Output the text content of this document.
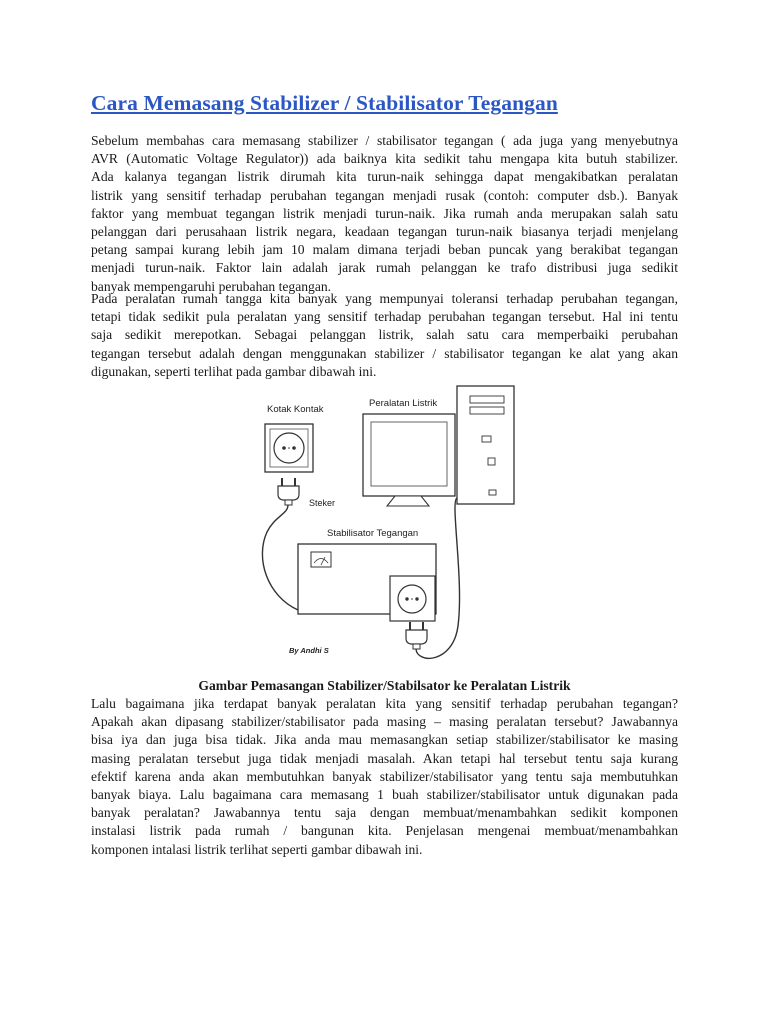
Cara Memasang Stabilizer / Stabilisator Tegangan

Sebelum membahas cara memasang stabilizer / stabilisator tegangan ( ada juga yang menyebutnya
AVR (Automatic Voltage Regulator)) ada baiknya kita sedikit tahu mengapa kita butuh stabilizer.
Ada kalanya tegangan listrik dirumah kita turun-naik sehingga dapat mengakibatkan peralatan
listrik yang sensitif terhadap perubahan tegangan menjadi rusak (contoh: computer dsb.). Banyak
faktor yang membuat tegangan listrik menjadi turun-naik. Jika rumah anda merupakan salah satu
pelanggan dari perusahaan listrik negara, keadaan tegangan turun-naik biasanya terjadi menjelang
petang sampai kurang lebih jam 10 malam dimana terjadi beban puncak yang berakibat tegangan
menjadi turun-naik. Faktor lain adalah jarak rumah pelanggan ke trafo distribusi juga sedikit
banyak mempengaruhi perubahan tegangan.

Pada peralatan rumah tangga kita banyak yang mempunyai toleransi terhadap perubahan tegangan,
tetapi tidak sedikit pula peralatan yang sensitif terhadap perubahan tegangan tersebut. Hal ini tentu
saja sedikit merepotkan. Sebagai pelanggan listrik, salah satu cara memperbaiki perubahan
tegangan tersebut adalah dengan menggunakan stabilizer / stabilisator tegangan ke alat yang akan
digunakan, seperti terlihat pada gambar dibawah ini.

Kotak Kontak
Peralatan Listrik
Steker
Stabilisator Tegangan
By Andhi S

Gambar Pemasangan Stabilizer/Stabilsator ke Peralatan Listrik

Lalu bagaimana jika terdapat banyak peralatan kita yang sensitif terhadap perubahan tegangan?
Apakah akan dipasang stabilizer/stabilisator pada masing – masing peralatan tersebut? Jawabannya
bisa iya dan juga bisa tidak. Jika anda mau memasangkan setiap stabilizer/stabilisator ke masing
masing peralatan tersebut juga tidak menjadi masalah. Akan tetapi hal tersebut tentu saja kurang
efektif karena anda akan membutuhkan banyak stabilizer/stabilisator yang tentu saja membutuhkan
banyak biaya. Lalu bagaimana cara memasang 1 buah stabilizer/stabilisator untuk digunakan pada
banyak peralatan? Jawabannya tentu saja dengan membuat/menambahkan sedikit komponen
instalasi listrik pada rumah / bangunan kita. Penjelasan mengenai membuat/menambahkan
komponen intalasi listrik terlihat seperti gambar dibawah ini.
